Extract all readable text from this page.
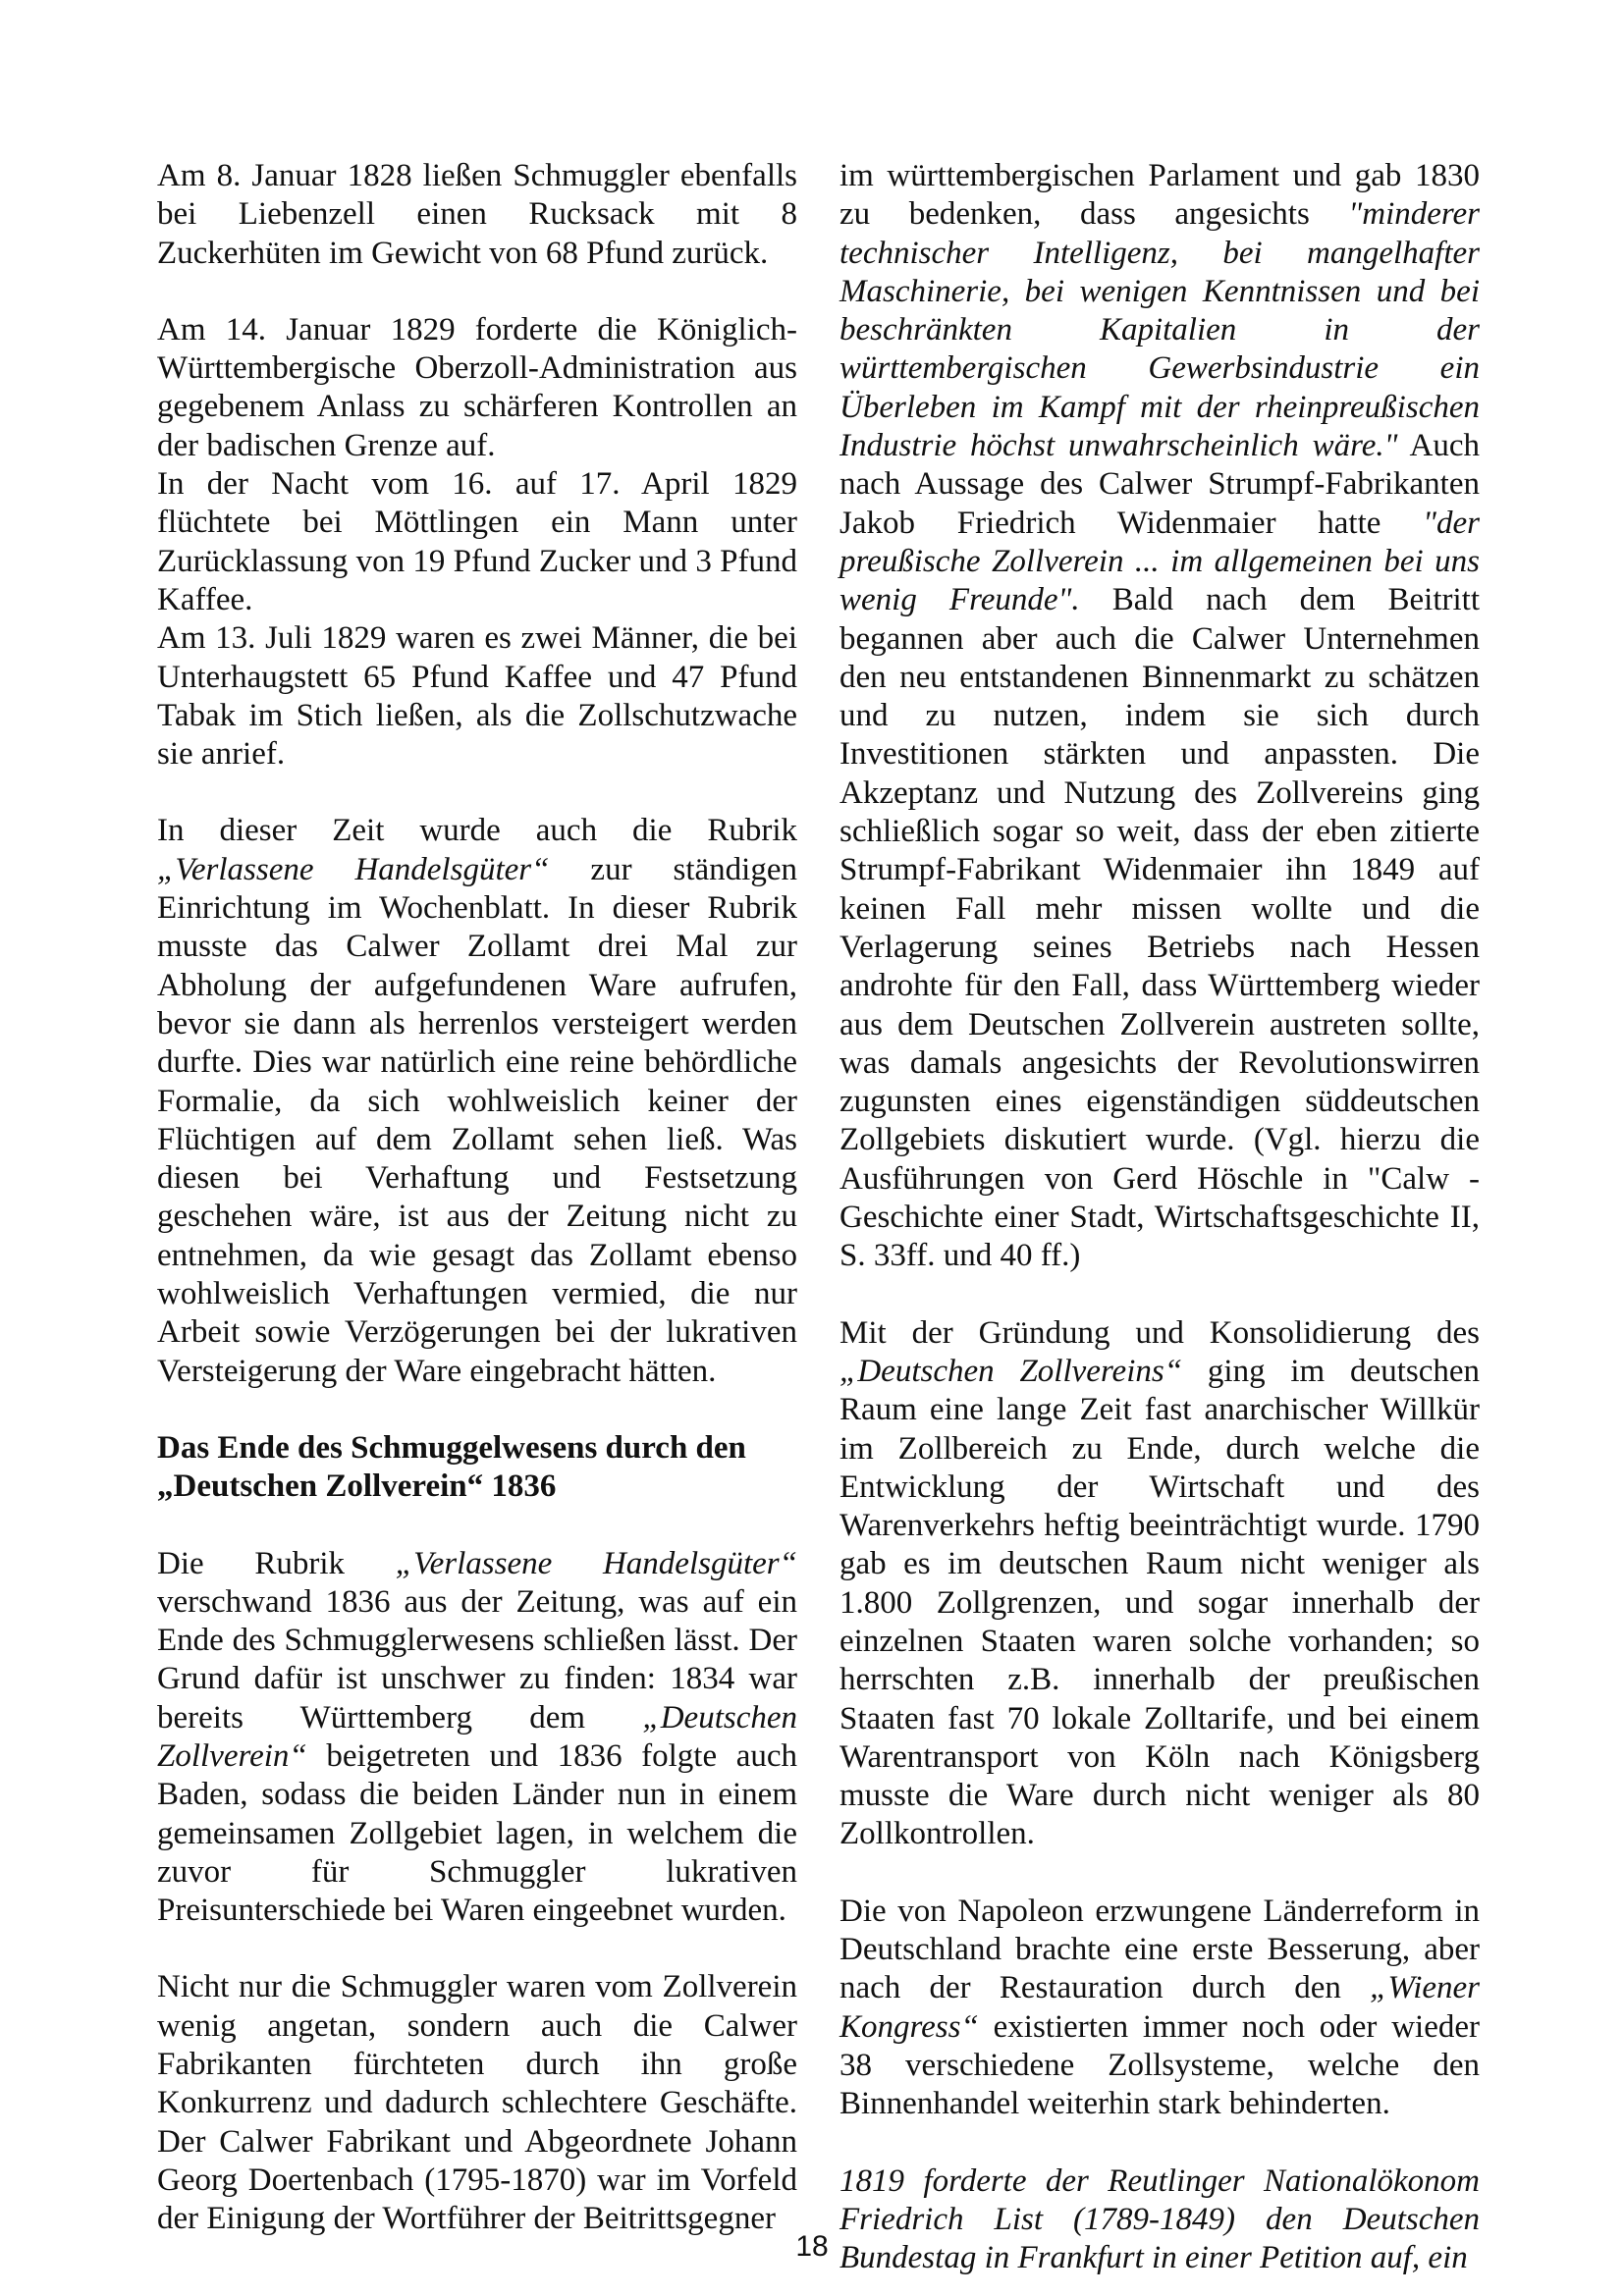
Am 8. Januar 1828 ließen Schmuggler ebenfalls bei Liebenzell einen Rucksack mit 8 Zuckerhüten im Gewicht von 68 Pfund zurück.

Am 14. Januar 1829 forderte die Königlich-Württembergische Oberzoll-Administration aus gegebenem Anlass zu schärferen Kontrollen an der badischen Grenze auf.

In der Nacht vom 16. auf 17. April 1829 flüchtete bei Möttlingen ein Mann unter Zurücklassung von 19 Pfund Zucker und 3 Pfund Kaffee.

Am 13. Juli 1829 waren es zwei Männer, die bei Unterhaugstett 65 Pfund Kaffee und 47 Pfund Tabak im Stich ließen, als die Zollschutzwache sie anrief.

In dieser Zeit wurde auch die Rubrik „Verlassene Handelsgüter“ zur ständigen Einrichtung im Wochenblatt. In dieser Rubrik musste das Calwer Zollamt drei Mal zur Abholung der aufgefundenen Ware aufrufen, bevor sie dann als herrenlos versteigert werden durfte. Dies war natürlich eine reine behördliche Formalie, da sich wohlweislich keiner der Flüchtigen auf dem Zollamt sehen ließ. Was diesen bei Verhaftung und Festsetzung geschehen wäre, ist aus der Zeitung nicht zu entnehmen, da wie gesagt das Zollamt ebenso wohlweislich Verhaftungen vermied, die nur Arbeit sowie Verzögerungen bei der lukrativen Versteigerung der Ware eingebracht hätten.

Das Ende des Schmuggelwesens durch den
„Deutschen Zollverein“ 1836

Die Rubrik „Verlassene Handelsgüter“ verschwand 1836 aus der Zeitung, was auf ein Ende des Schmugglerwesens schließen lässt. Der Grund dafür ist unschwer zu finden: 1834 war bereits Württemberg dem „Deutschen Zollverein“ beigetreten und 1836 folgte auch Baden, sodass die beiden Länder nun in einem gemeinsamen Zollgebiet lagen, in welchem die zuvor für Schmuggler lukrativen Preisunterschiede bei Waren eingeebnet wurden.

Nicht nur die Schmuggler waren vom Zollverein wenig angetan, sondern auch die Calwer Fabrikanten fürchteten durch ihn große Konkurrenz und dadurch schlechtere Geschäfte. Der Calwer Fabrikant und Abgeordnete Johann Georg Doertenbach (1795-1870) war im Vorfeld der Einigung der Wortführer der Beitrittsgegner

im württembergischen Parlament und gab 1830 zu bedenken, dass angesichts "minderer technischer Intelligenz, bei mangelhafter Maschinerie, bei wenigen Kenntnissen und bei beschränkten Kapitalien in der württembergischen Gewerbsindustrie ein Überleben im Kampf mit der rheinpreußischen Industrie höchst unwahrscheinlich wäre." Auch nach Aussage des Calwer Strumpf-Fabrikanten Jakob Friedrich Widenmaier hatte "der preußische Zollverein ... im allgemeinen bei uns wenig Freunde". Bald nach dem Beitritt begannen aber auch die Calwer Unternehmen den neu entstandenen Binnenmarkt zu schätzen und zu nutzen, indem sie sich durch Investitionen stärkten und anpassten. Die Akzeptanz und Nutzung des Zollvereins ging schließlich sogar so weit, dass der eben zitierte Strumpf-Fabrikant Widenmaier ihn 1849 auf keinen Fall mehr missen wollte und die Verlagerung seines Betriebs nach Hessen androhte für den Fall, dass Württemberg wieder aus dem Deutschen Zollverein austreten sollte, was damals angesichts der Revolutionswirren zugunsten eines eigenständigen süddeutschen Zollgebiets diskutiert wurde. (Vgl. hierzu die Ausführungen von Gerd Höschle in "Calw - Geschichte einer Stadt, Wirtschaftsgeschichte II, S. 33ff. und 40 ff.)

Mit der Gründung und Konsolidierung des „Deutschen Zollvereins“ ging im deutschen Raum eine lange Zeit fast anarchischer Willkür im Zollbereich zu Ende, durch welche die Entwicklung der Wirtschaft und des Warenverkehrs heftig beeinträchtigt wurde. 1790 gab es im deutschen Raum nicht weniger als 1.800 Zollgrenzen, und sogar innerhalb der einzelnen Staaten waren solche vorhanden; so herrschten z.B. innerhalb der preußischen Staaten fast 70 lokale Zolltarife, und bei einem Warentransport von Köln nach Königsberg musste die Ware durch nicht weniger als 80 Zollkontrollen.

Die von Napoleon erzwungene Länderreform in Deutschland brachte eine erste Besserung, aber nach der Restauration durch den „Wiener Kongress“ existierten immer noch oder wieder 38 verschiedene Zollsysteme, welche den Binnenhandel weiterhin stark behinderten.

1819 forderte der Reutlinger Nationalökonom Friedrich List (1789-1849) den Deutschen Bundestag in Frankfurt in einer Petition auf, ein

18
